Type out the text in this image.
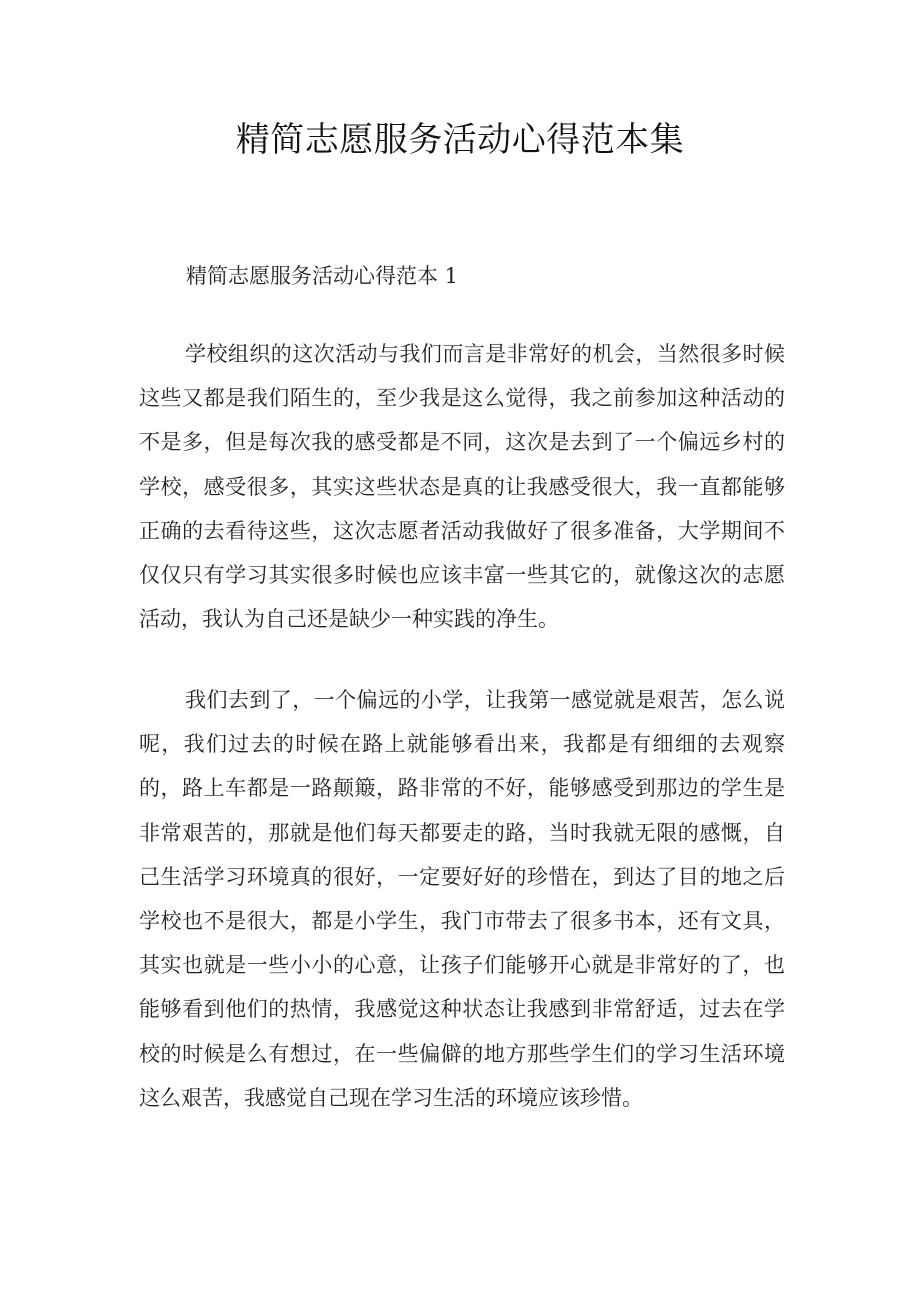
精简志愿服务活动心得范本集
精简志愿服务活动心得范本 1

学校组织的这次活动与我们而言是非常好的机会，当然很多时候这些又都是我们陌生的，至少我是这么觉得，我之前参加这种活动的不是多，但是每次我的感受都是不同，这次是去到了一个偏远乡村的学校，感受很多，其实这些状态是真的让我感受很大，我一直都能够正确的去看待这些，这次志愿者活动我做好了很多准备，大学期间不仅仅只有学习其实很多时候也应该丰富一些其它的，就像这次的志愿活动，我认为自己还是缺少一种实践的净生。

我们去到了，一个偏远的小学，让我第一感觉就是艰苦，怎么说呢，我们过去的时候在路上就能够看出来，我都是有细细的去观察的，路上车都是一路颠簸，路非常的不好，能够感受到那边的学生是非常艰苦的，那就是他们每天都要走的路，当时我就无限的感慨，自己生活学习环境真的很好，一定要好好的珍惜在，到达了目的地之后学校也不是很大，都是小学生，我门市带去了很多书本，还有文具，其实也就是一些小小的心意，让孩子们能够开心就是非常好的了，也能够看到他们的热情，我感觉这种状态让我感到非常舒适，过去在学校的时候是么有想过，在一些偏僻的地方那些学生们的学习生活环境这么艰苦，我感觉自己现在学习生活的环境应该珍惜。
